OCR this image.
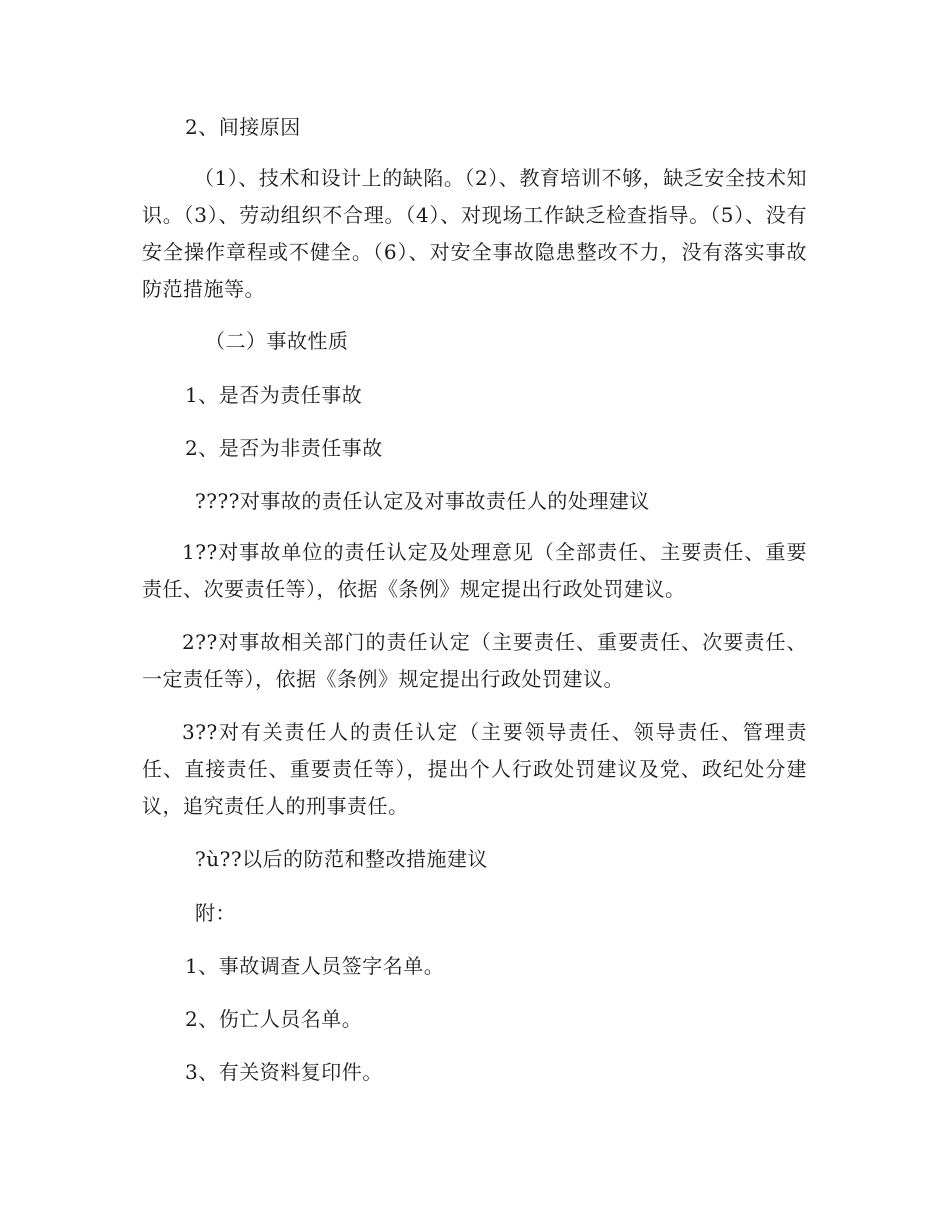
2、间接原因
（1）、技术和设计上的缺陷。（2）、教育培训不够，缺乏安全技术知识。（3）、劳动组织不合理。（4）、对现场工作缺乏检查指导。（5）、没有安全操作章程或不健全。（6）、对安全事故隐患整改不力，没有落实事故防范措施等。
（二）事故性质
1、是否为责任事故
2、是否为非责任事故
????对事故的责任认定及对事故责任人的处理建议
1??对事故单位的责任认定及处理意见（全部责任、主要责任、重要责任、次要责任等），依据《条例》规定提出行政处罚建议。
2??对事故相关部门的责任认定（主要责任、重要责任、次要责任、一定责任等），依据《条例》规定提出行政处罚建议。
3??对有关责任人的责任认定（主要领导责任、领导责任、管理责任、直接责任、重要责任等），提出个人行政处罚建议及党、政纪处分建议，追究责任人的刑事责任。
?ù??以后的防范和整改措施建议
附：
1、事故调查人员签字名单。
2、伤亡人员名单。
3、有关资料复印件。
